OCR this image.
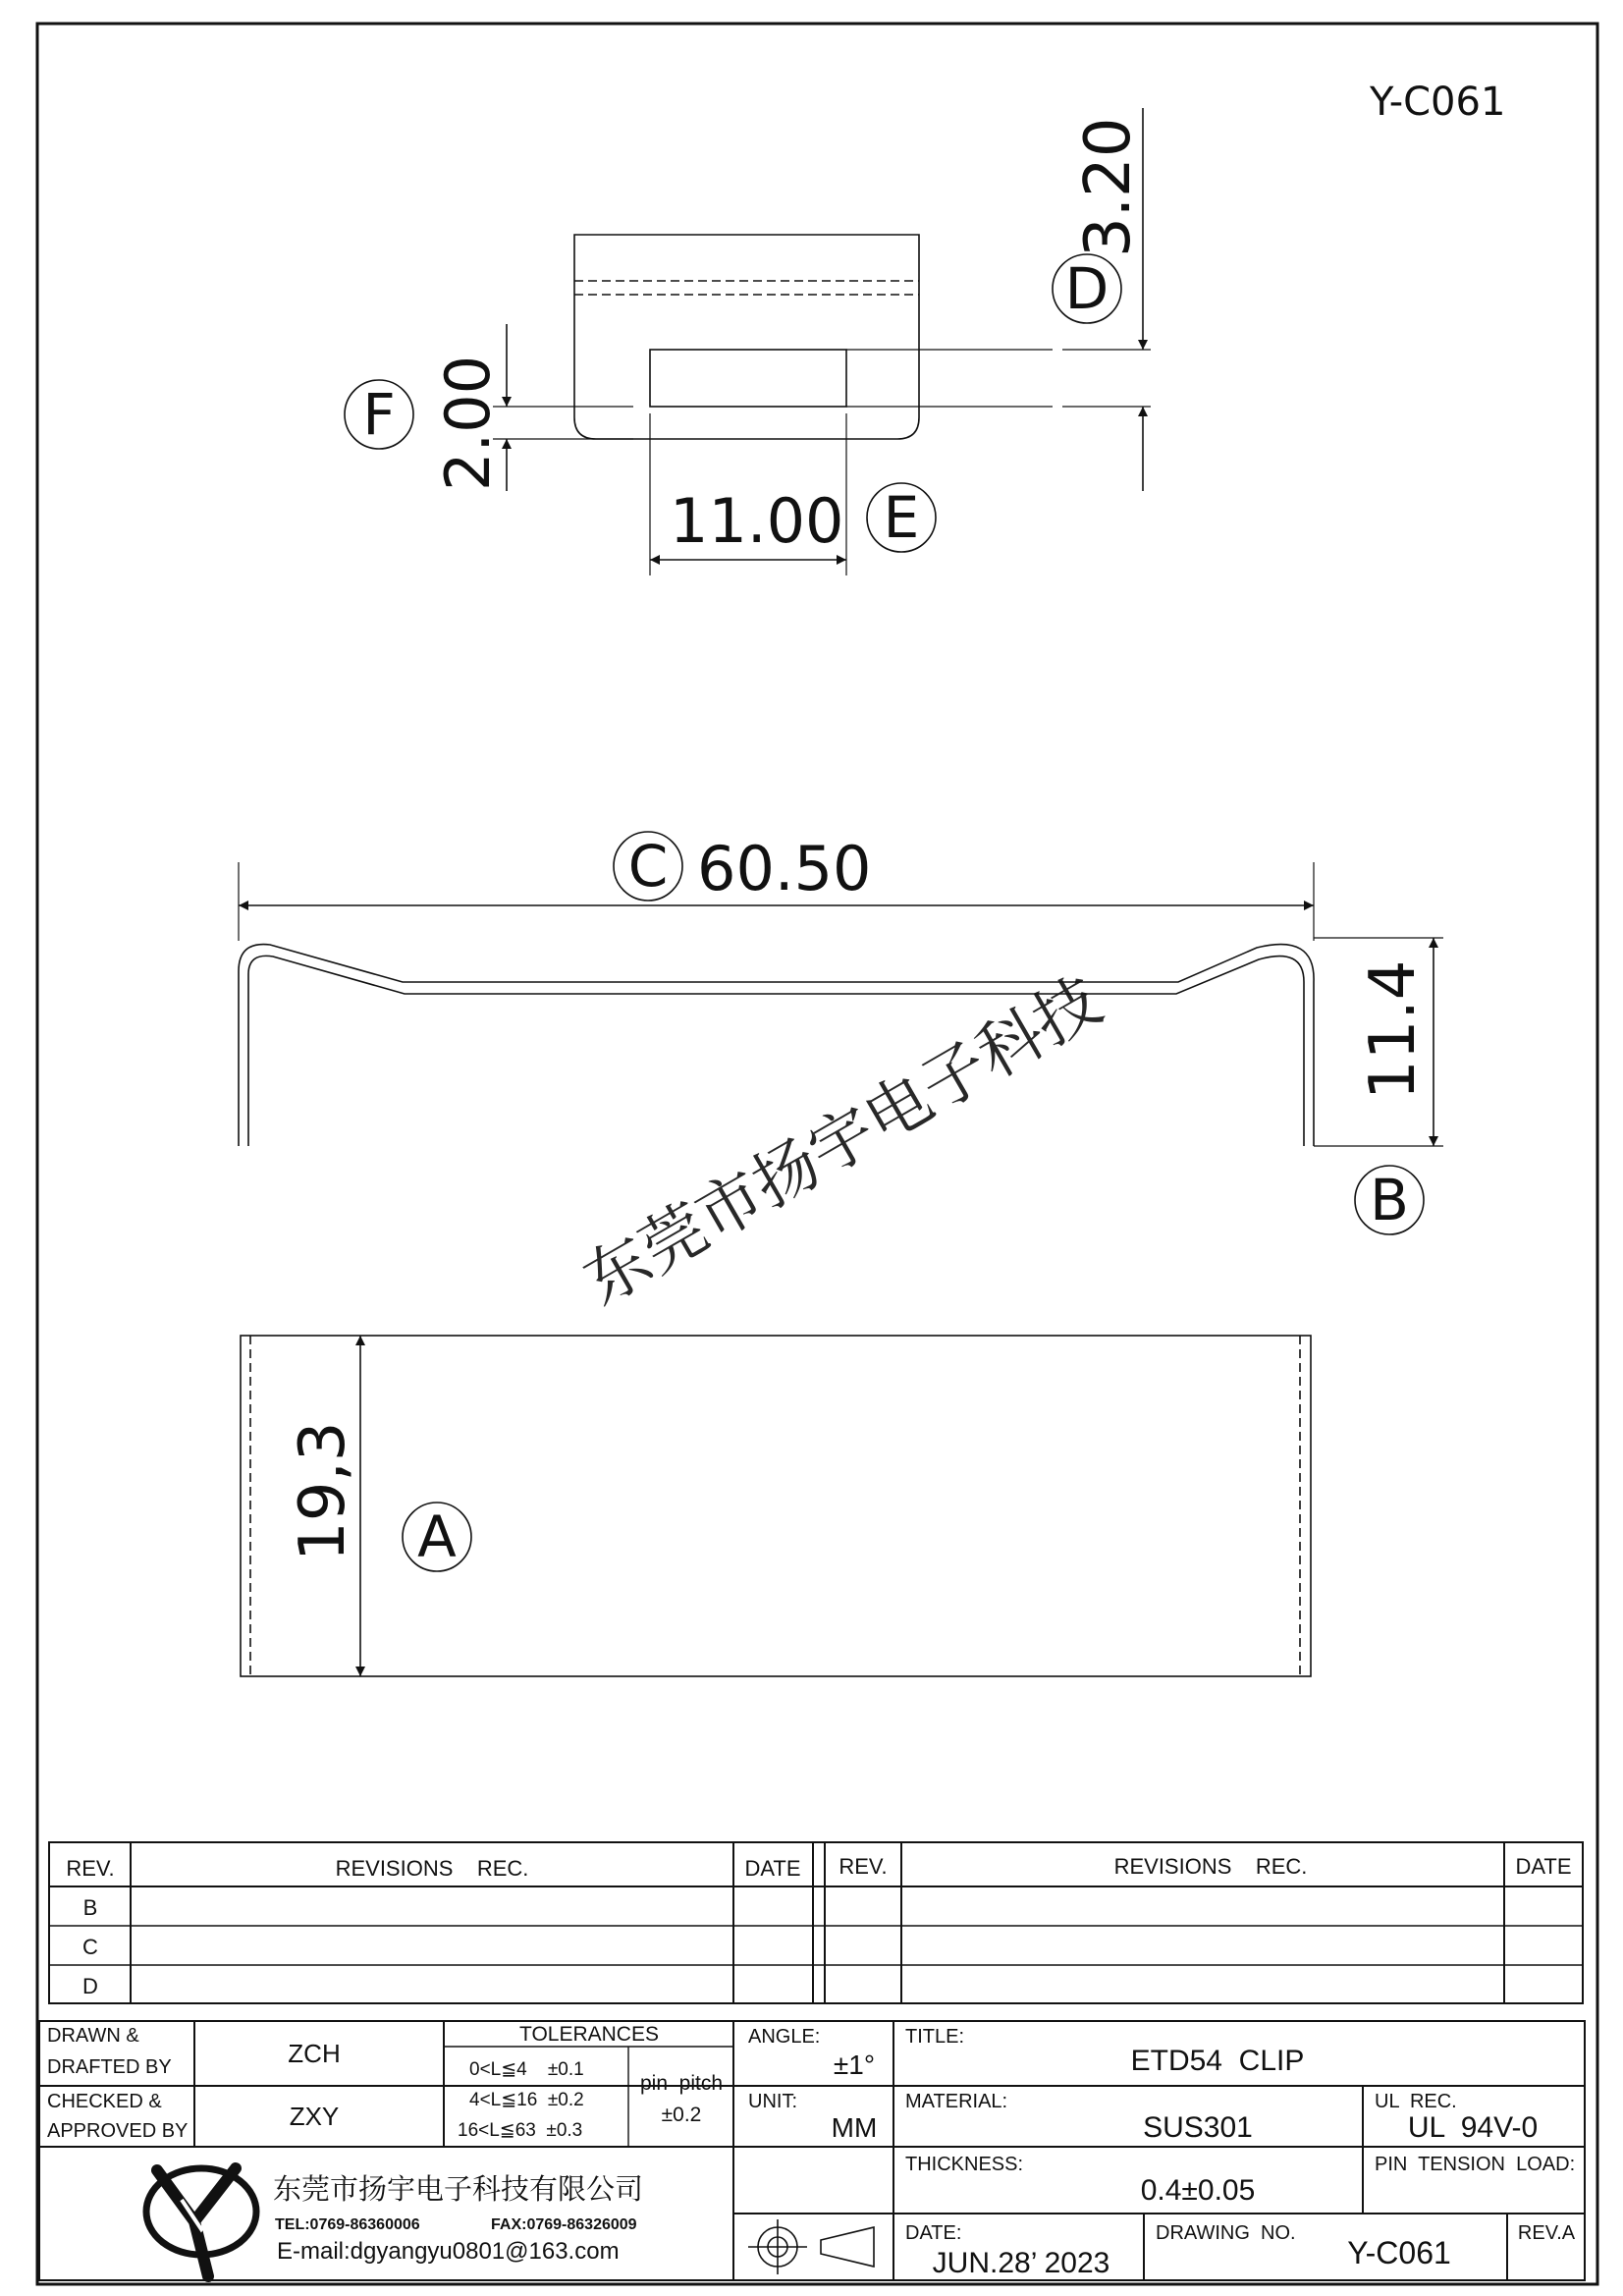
Y-C061
D
3.20
F 2.00
11.00 E
C 60.50
11.4
B
东莞市扬宇电子科技
19,3 A
REV.	REVISIONS    REC.	DATE REV.	REVISIONS    REC.	DATE
B
C
D
DRAWN &
DRAFTED BY	ZCH
CHECKED &
APPROVED BY	ZXY
TOLERANCES
0<L≦4    ±0.1
4<L≦16  ±0.2
16<L≦63  ±0.3
pin  pitch
±0.2
ANGLE:
±1°
UNIT:
MM
TITLE:
ETD54  CLIP
MATERIAL:
SUS301
UL  REC.
UL  94V-0
THICKNESS:
0.4±0.05
PIN  TENSION  LOAD:
DATE:
JUN.28’ 2023
DRAWING  NO.
Y-C061
REV.A
东莞市扬宇电子科技有限公司
TEL:0769-86360006	FAX:0769-86326009
E-mail:dgyangyu0801@163.com
